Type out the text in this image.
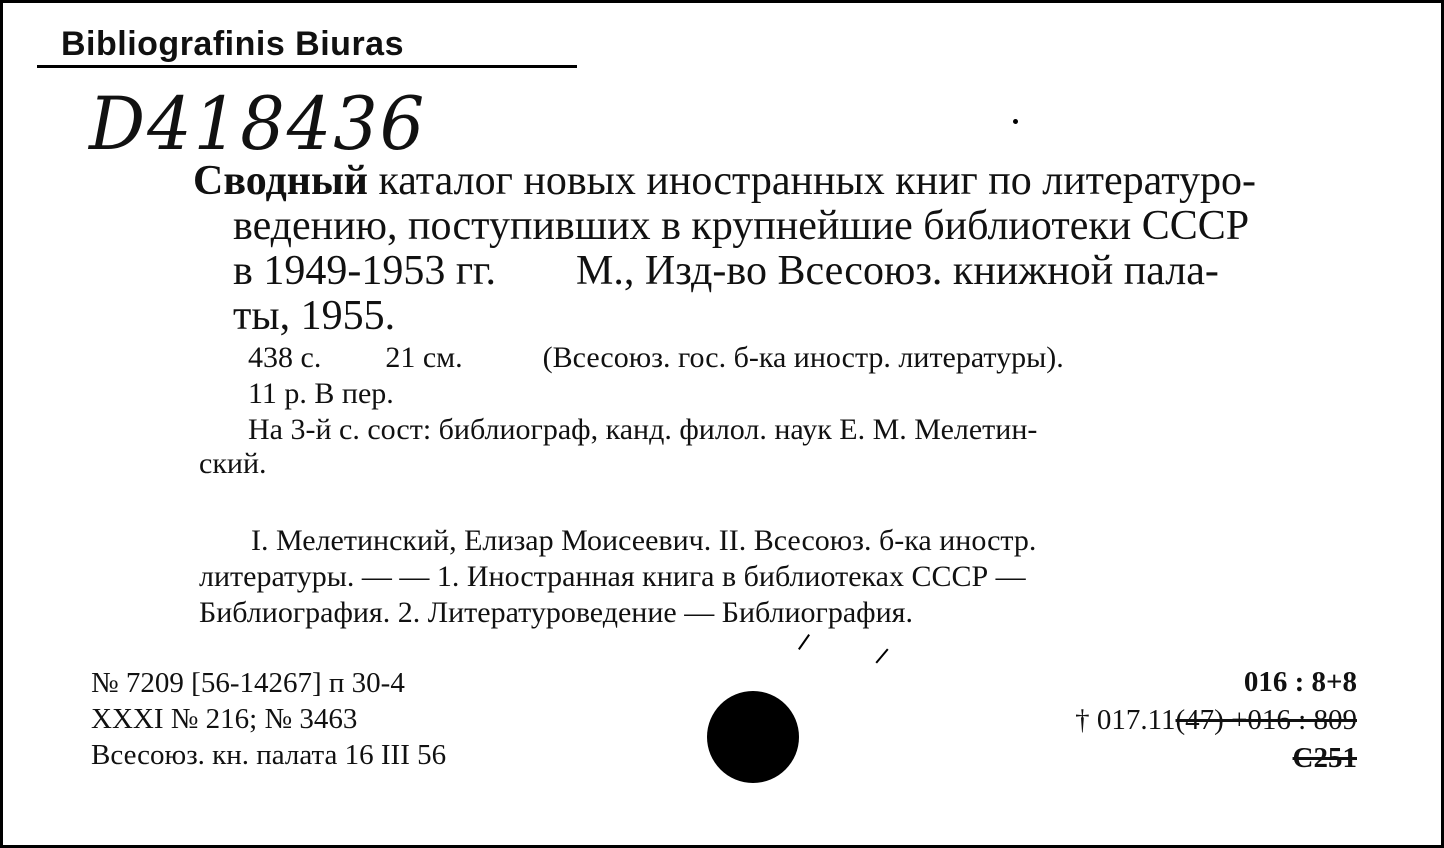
Bibliografinis Biuras
D418436
Сводный каталог новых иностранных книг по литературо-
ведению, поступивших в крупнейшие библиотеки СССР
в 1949-1953 гг. М., Изд-во Всесоюз. книжной пала-
ты, 1955.
438 с. 21 см.	(Всесоюз. гос. б-ка иностр. литературы).
11 р. В пер.
На 3-й с. сост: библиограф, канд. филол. наук Е. М. Мелетин-
ский.
I. Мелетинский, Елизар Моисеевич. II. Всесоюз. б-ка иностр.
литературы. — — 1. Иностранная книга в библиотеках СССР —
Библиография. 2. Литературоведение — Библиография.
№ 7209 [56-14267] п 30-4
XXXI № 216; № 3463
Всесоюз. кн. палата 16 III 56
016 : 8+8
† 017.11(47) +016 : 809
С251
